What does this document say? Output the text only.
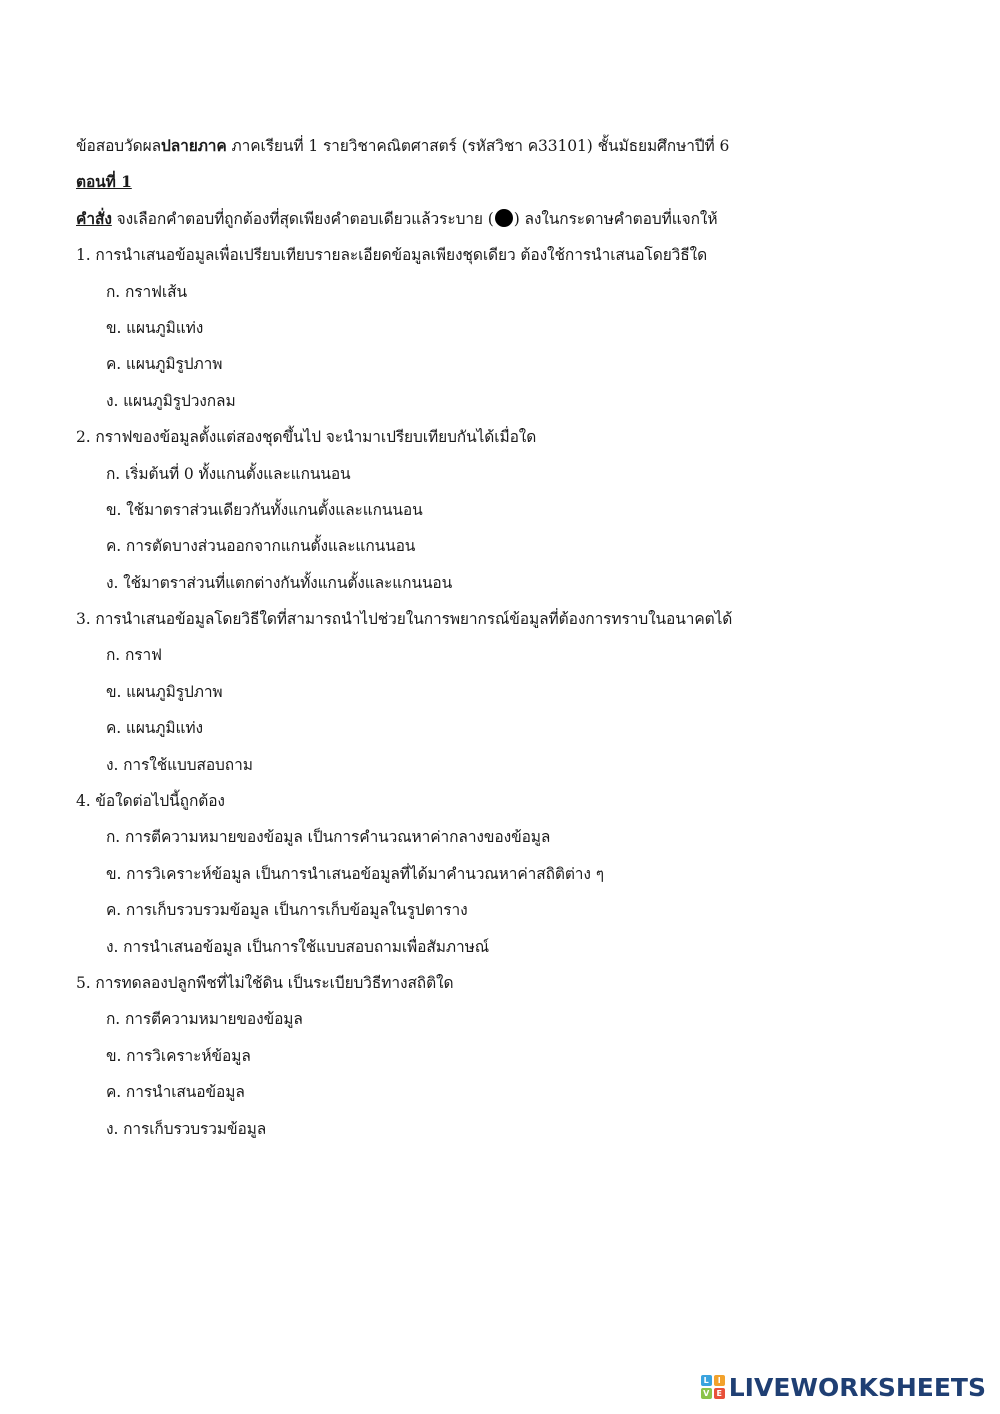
ข้อสอบวัดผลปลายภาค ภาคเรียนที่ 1 รายวิชาคณิตศาสตร์ (รหัสวิชา ค33101) ชั้นมัธยมศึกษาปีที่ 6
ตอนที่ 1
คำสั่ง จงเลือกคำตอบที่ถูกต้องที่สุดเพียงคำตอบเดียวแล้วระบาย ( ) ลงในกระดาษคำตอบที่แจกให้
1. การนำเสนอข้อมูลเพื่อเปรียบเทียบรายละเอียดข้อมูลเพียงชุดเดียว ต้องใช้การนำเสนอโดยวิธีใด
ก. กราฟเส้น
ข. แผนภูมิแท่ง
ค. แผนภูมิรูปภาพ
ง. แผนภูมิรูปวงกลม
2. กราฟของข้อมูลตั้งแต่สองชุดขึ้นไป จะนำมาเปรียบเทียบกันได้เมื่อใด
ก. เริ่มต้นที่ 0 ทั้งแกนตั้งและแกนนอน
ข. ใช้มาตราส่วนเดียวกันทั้งแกนตั้งและแกนนอน
ค. การตัดบางส่วนออกจากแกนตั้งและแกนนอน
ง. ใช้มาตราส่วนที่แตกต่างกันทั้งแกนตั้งและแกนนอน
3. การนำเสนอข้อมูลโดยวิธีใดที่สามารถนำไปช่วยในการพยากรณ์ข้อมูลที่ต้องการทราบในอนาคตได้
ก. กราฟ
ข. แผนภูมิรูปภาพ
ค. แผนภูมิแท่ง
ง. การใช้แบบสอบถาม
4. ข้อใดต่อไปนี้ถูกต้อง
ก. การตีความหมายของข้อมูล เป็นการคำนวณหาค่ากลางของข้อมูล
ข. การวิเคราะห์ข้อมูล เป็นการนำเสนอข้อมูลที่ได้มาคำนวณหาค่าสถิติต่าง ๆ
ค. การเก็บรวบรวมข้อมูล เป็นการเก็บข้อมูลในรูปตาราง
ง. การนำเสนอข้อมูล เป็นการใช้แบบสอบถามเพื่อสัมภาษณ์
5. การทดลองปลูกพืชที่ไม่ใช้ดิน เป็นระเบียบวิธีทางสถิติใด
ก. การตีความหมายของข้อมูล
ข. การวิเคราะห์ข้อมูล
ค. การนำเสนอข้อมูล
ง. การเก็บรวบรวมข้อมูล
L	I
V E LIVEWORKSHEETS
